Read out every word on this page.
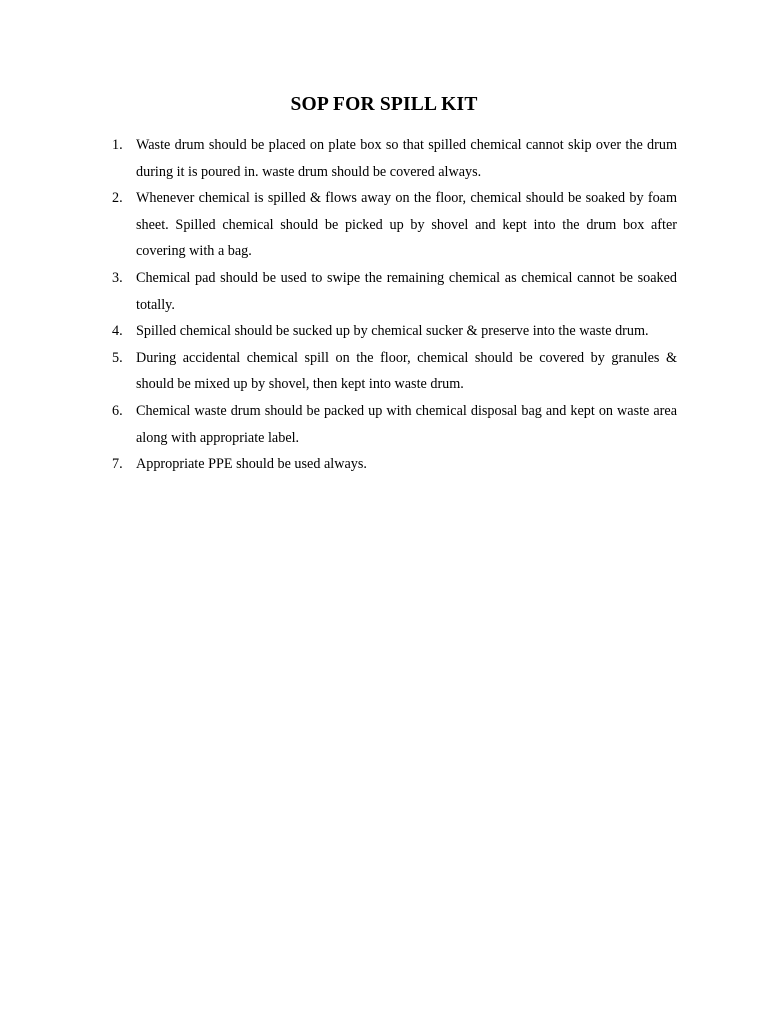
SOP FOR SPILL KIT
1. Waste drum should be placed on plate box so that spilled chemical cannot skip over the drum during it is poured in. waste drum should be covered always.
2. Whenever chemical is spilled & flows away on the floor, chemical should be soaked by foam sheet. Spilled chemical should be picked up by shovel and kept into the drum box after covering with a bag.
3. Chemical pad should be used to swipe the remaining chemical as chemical cannot be soaked totally.
4. Spilled chemical should be sucked up by chemical sucker & preserve into the waste drum.
5. During accidental chemical spill on the floor, chemical should be covered by granules & should be mixed up by shovel, then kept into waste drum.
6. Chemical waste drum should be packed up with chemical disposal bag and kept on waste area along with appropriate label.
7. Appropriate PPE should be used always.
